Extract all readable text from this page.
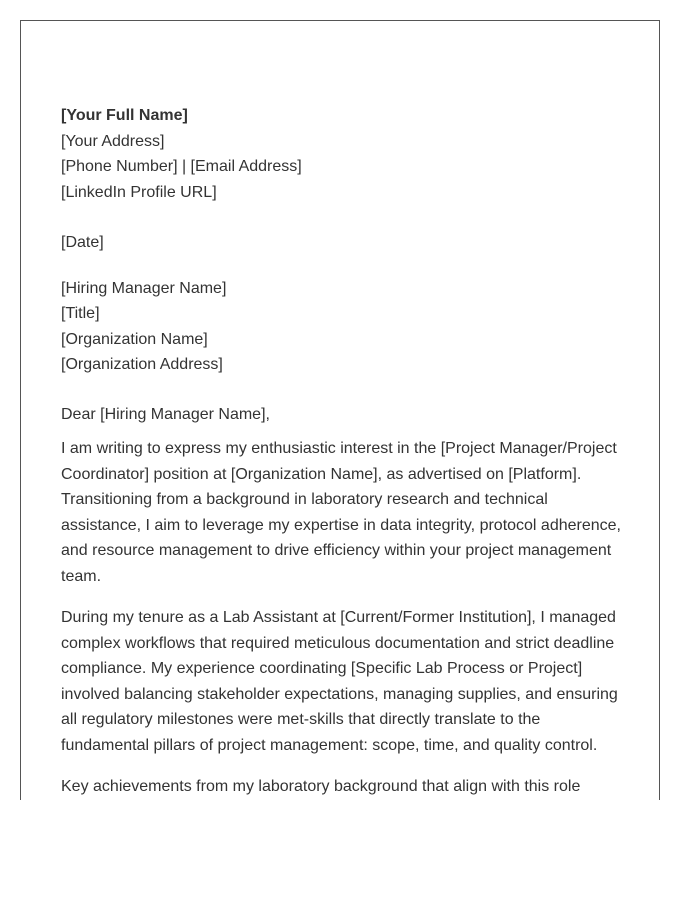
[Your Full Name]
[Your Address]
[Phone Number] | [Email Address]
[LinkedIn Profile URL]
[Date]
[Hiring Manager Name]
[Title]
[Organization Name]
[Organization Address]
Dear [Hiring Manager Name],

I am writing to express my enthusiastic interest in the [Project Manager/Project Coordinator] position at [Organization Name], as advertised on [Platform]. Transitioning from a background in laboratory research and technical assistance, I aim to leverage my expertise in data integrity, protocol adherence, and resource management to drive efficiency within your project management team.

During my tenure as a Lab Assistant at [Current/Former Institution], I managed complex workflows that required meticulous documentation and strict deadline compliance. My experience coordinating [Specific Lab Process or Project] involved balancing stakeholder expectations, managing supplies, and ensuring all regulatory milestones were met-skills that directly translate to the fundamental pillars of project management: scope, time, and quality control.

Key achievements from my laboratory background that align with this role
